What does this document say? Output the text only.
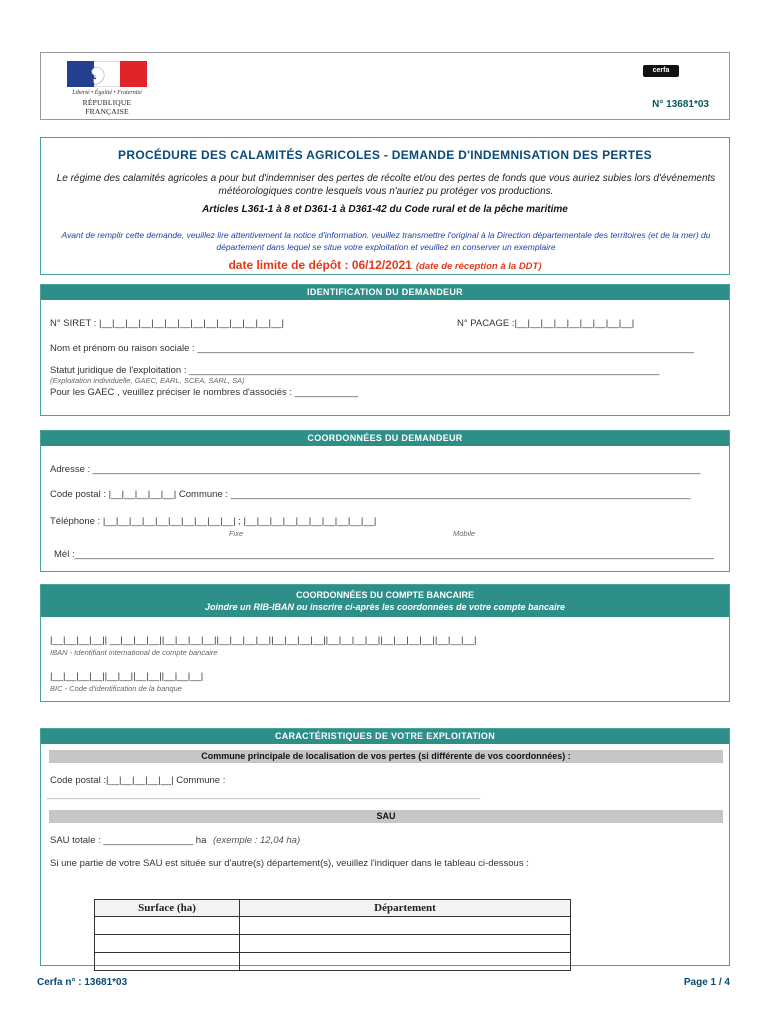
Liberté • Égalité • Fraternité
RÉPUBLIQUE FRANÇAISE
cerfa
N° 13681*03
PROCÉDURE DES CALAMITÉS AGRICOLES - DEMANDE D'INDEMNISATION DES PERTES
Le régime des calamités agricoles a pour but d'indemniser des pertes de récolte et/ou des pertes de fonds que vous auriez subies lors d'événements météorologiques contre lesquels vous n'auriez pu protéger vos productions.
Articles L361-1 à 8 et D361-1 à D361-42 du Code rural et de la pêche maritime
Avant de remplir cette demande, veuillez lire attentivement la notice d'information. veuillez transmettre l'original à la Direction départementale des territoires (et de la mer) du département dans lequel se situe votre exploitation et veuillez en conserver un exemplaire
date limite de dépôt : 06/12/2021 (date de réception à la DDT)
IDENTIFICATION DU DEMANDEUR
N° SIRET : |__|__|__|__|__|__|__|__|__|__|__|__|__|__|	N° PACAGE :|__|__|__|__|__|__|__|__|__|
Nom et prénom ou raison sociale : ______________________________________________________________________________________________
Statut juridique de l'exploitation : _________________________________________________________________________________________
(Exploitation individuelle, GAEC, EARL, SCEA, SARL, SA)
Pour les GAEC , veuillez préciser le nombres d'associés : ____________
COORDONNÉES DU DEMANDEUR
Adresse : ___________________________________________________________________________________________________________________
Code postal : |__|__|__|__|__| Commune : _______________________________________________________________________________________
Téléphone : |__|__|__|__|__|__|__|__|__|__| ; |__|__|__|__|__|__|__|__|__|__|
Fixe	Mobile
Mél :_________________________________________________________________________________________________________________________
COORDONNÉES DU COMPTE BANCAIRE
Joindre un RIB-IBAN ou inscrire ci-après les coordonnées de votre compte bancaire
|__|__|__|__|| __|__|__|__||__|__|__|__||__|__|__|__||__|__|__|__||__|__|__|__||__|__|__|__||__|__|__|
IBAN - Identifiant international de compte bancaire
|__|__|__|__||__|__||__|__||__|__|__|
BIC - Code d'identification de la banque
CARACTÉRISTIQUES DE VOTRE EXPLOITATION
Commune principale de localisation de vos pertes (si différente de vos coordonnées) :
Code postal :|__|__|__|__|__| Commune :
__________________________________________________________________________________
SAU
SAU totale : _________________ ha (exemple : 12,04 ha)
Si une partie de votre SAU est située sur d'autre(s) département(s), veuillez l'indiquer dans le tableau ci-dessous :
Surface (ha)	Département

Cerfa n° : 13681*03	Page 1 / 4
